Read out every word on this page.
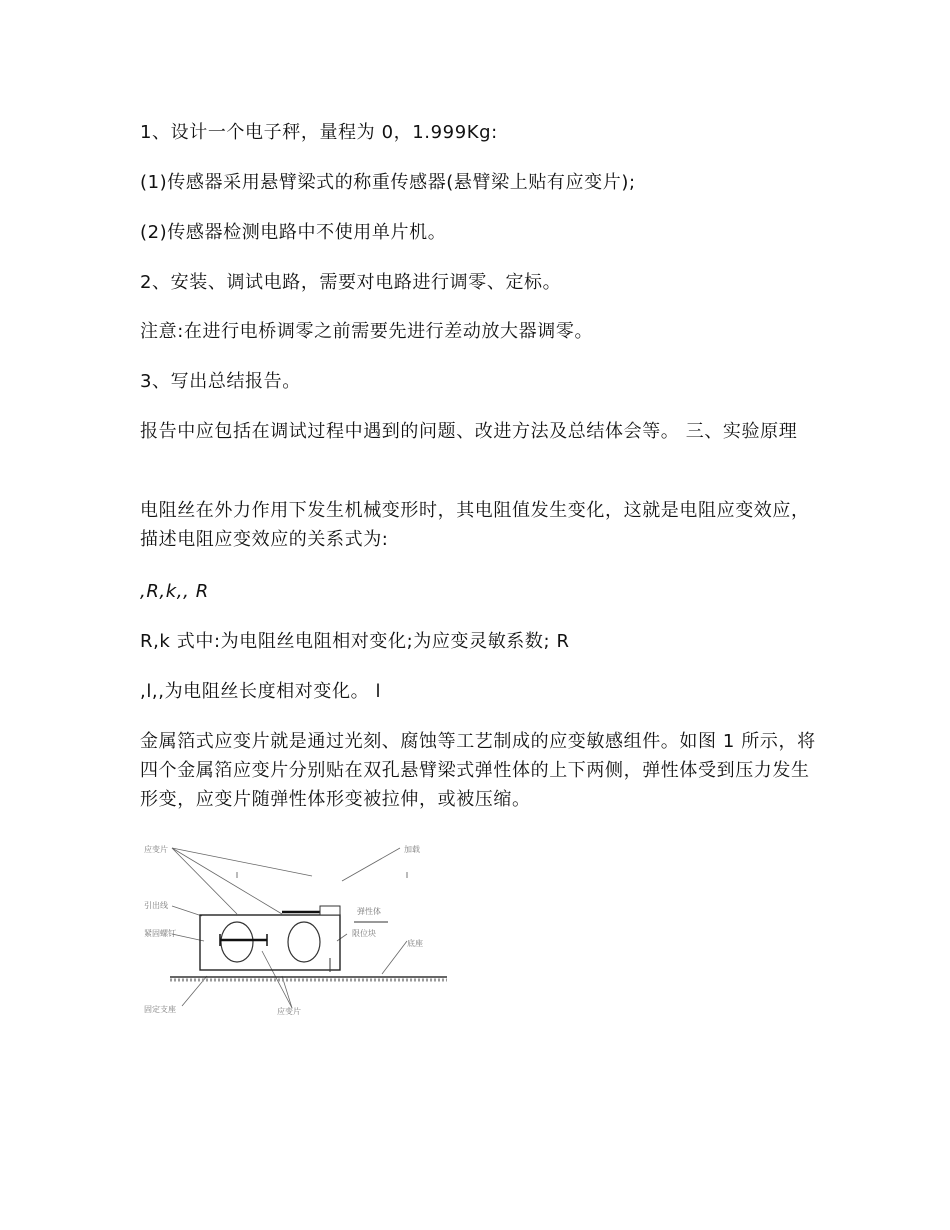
1、设计一个电子秤，量程为 0，1.999Kg:

(1)传感器采用悬臂梁式的称重传感器(悬臂梁上贴有应变片);

(2)传感器检测电路中不使用单片机。

2、安装、调试电路，需要对电路进行调零、定标。

注意:在进行电桥调零之前需要先进行差动放大器调零。

3、写出总结报告。

报告中应包括在调试过程中遇到的问题、改进方法及总结体会等。 三、实验原理

电阻丝在外力作用下发生机械变形时，其电阻值发生变化，这就是电阻应变效应，描述电阻应变效应的关系式为:

,R,k,, R

R,k 式中:为电阻丝电阻相对变化;为应变灵敏系数; R

,l,,为电阻丝长度相对变化。 l

金属箔式应变片就是通过光刻、腐蚀等工艺制成的应变敏感组件。如图 1 所示，将四个金属箔应变片分别贴在双孔悬臂梁式弹性体的上下两侧，弹性体受到压力发生形变，应变片随弹性体形变被拉伸，或被压缩。

应变片	加载
引出线
弹性体
紧固螺钉	限位块
底座
固定支座	应变片
